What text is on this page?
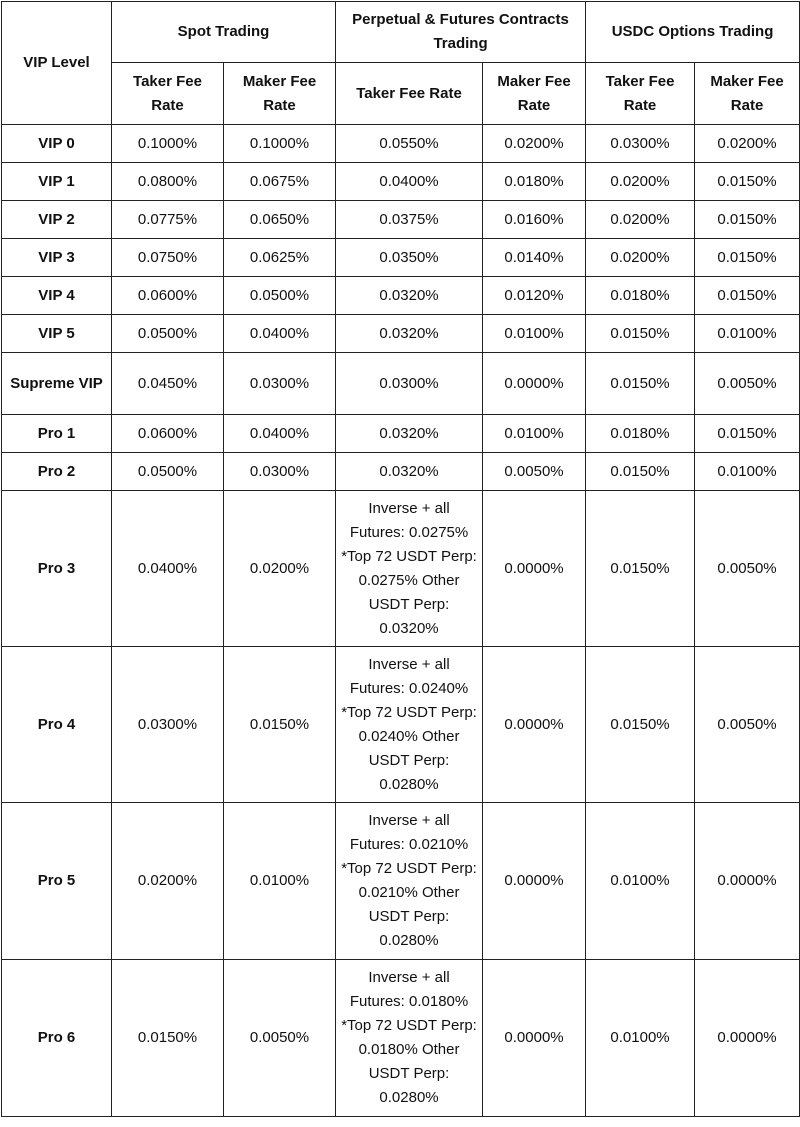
VIP Level	Spot Trading		Perpetual & Futures Contracts Trading		USDC Options Trading	
	Taker Fee Rate	Maker Fee Rate	Taker Fee Rate	Maker Fee Rate	Taker Fee Rate	Maker Fee Rate
VIP 0	0.1000%	0.1000%	0.0550%	0.0200%	0.0300%	0.0200%
VIP 1	0.0800%	0.0675%	0.0400%	0.0180%	0.0200%	0.0150%
VIP 2	0.0775%	0.0650%	0.0375%	0.0160%	0.0200%	0.0150%
VIP 3	0.0750%	0.0625%	0.0350%	0.0140%	0.0200%	0.0150%
VIP 4	0.0600%	0.0500%	0.0320%	0.0120%	0.0180%	0.0150%
VIP 5	0.0500%	0.0400%	0.0320%	0.0100%	0.0150%	0.0100%
Supreme VIP	0.0450%	0.0300%	0.0300%	0.0000%	0.0150%	0.0050%
Pro 1	0.0600%	0.0400%	0.0320%	0.0100%	0.0180%	0.0150%
Pro 2	0.0500%	0.0300%	0.0320%	0.0050%	0.0150%	0.0100%
Pro 3	0.0400%	0.0200%	Inverse + all Futures: 0.0275% *Top 72 USDT Perp: 0.0275% Other USDT Perp: 0.0320%	0.0000%	0.0150%	0.0050%
Pro 4	0.0300%	0.0150%	Inverse + all Futures: 0.0240% *Top 72 USDT Perp: 0.0240% Other USDT Perp: 0.0280%	0.0000%	0.0150%	0.0050%
Pro 5	0.0200%	0.0100%	Inverse + all Futures: 0.0210% *Top 72 USDT Perp: 0.0210% Other USDT Perp: 0.0280%	0.0000%	0.0100%	0.0000%
Pro 6	0.0150%	0.0050%	Inverse + all Futures: 0.0180% *Top 72 USDT Perp: 0.0180% Other USDT Perp: 0.0280%	0.0000%	0.0100%	0.0000%
